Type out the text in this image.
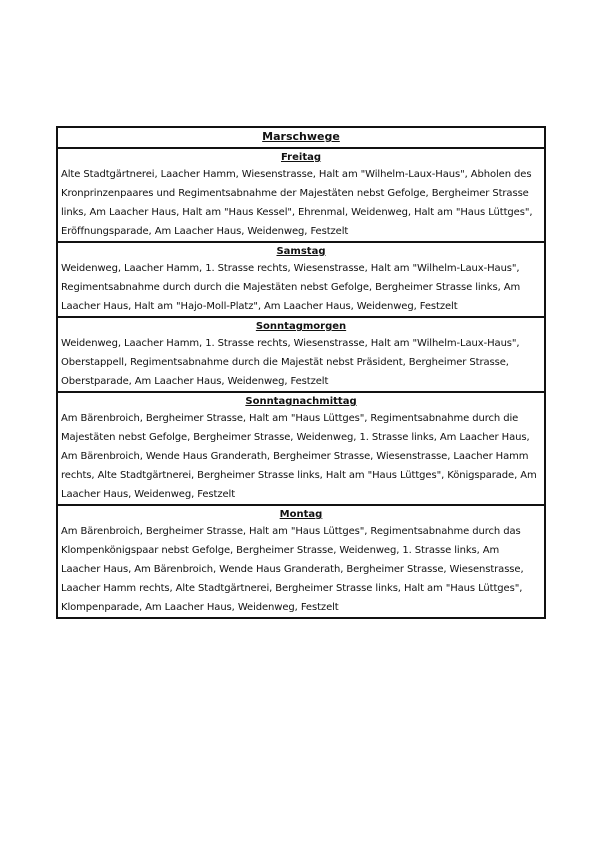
Marschwege
Freitag
Alte Stadtgärtnerei, Laacher Hamm, Wiesenstrasse, Halt am "Wilhelm-Laux-Haus", Abholen des Kronprinzenpaares und Regimentsabnahme der Majestäten nebst Gefolge, Bergheimer Strasse links, Am Laacher Haus, Halt am "Haus Kessel", Ehrenmal, Weidenweg, Halt am "Haus Lüttges", Eröffnungsparade, Am Laacher Haus, Weidenweg, Festzelt
Samstag
Weidenweg, Laacher Hamm, 1. Strasse rechts, Wiesenstrasse, Halt am "Wilhelm-Laux-Haus", Regimentsabnahme durch durch die Majestäten nebst Gefolge, Bergheimer Strasse links, Am Laacher Haus, Halt am "Hajo-Moll-Platz", Am Laacher Haus, Weidenweg, Festzelt
Sonntagmorgen
Weidenweg, Laacher Hamm, 1. Strasse rechts, Wiesenstrasse, Halt am "Wilhelm-Laux-Haus", Oberstappell, Regimentsabnahme durch die Majestät nebst Präsident, Bergheimer Strasse, Oberstparade, Am Laacher Haus, Weidenweg, Festzelt
Sonntagnachmittag
Am Bärenbroich, Bergheimer Strasse, Halt am "Haus Lüttges", Regimentsabnahme durch die Majestäten nebst Gefolge, Bergheimer Strasse, Weidenweg, 1. Strasse links, Am Laacher Haus, Am Bärenbroich, Wende Haus Granderath, Bergheimer Strasse, Wiesenstrasse, Laacher Hamm rechts, Alte Stadtgärtnerei, Bergheimer Strasse links, Halt am "Haus Lüttges", Königsparade, Am Laacher Haus, Weidenweg, Festzelt
Montag
Am Bärenbroich, Bergheimer Strasse, Halt am "Haus Lüttges", Regimentsabnahme durch das Klompenkönigspaar nebst Gefolge, Bergheimer Strasse, Weidenweg, 1. Strasse links, Am Laacher Haus, Am Bärenbroich, Wende Haus Granderath, Bergheimer Strasse, Wiesenstrasse, Laacher Hamm rechts, Alte Stadtgärtnerei, Bergheimer Strasse links, Halt am "Haus Lüttges", Klompenparade, Am Laacher Haus, Weidenweg, Festzelt
